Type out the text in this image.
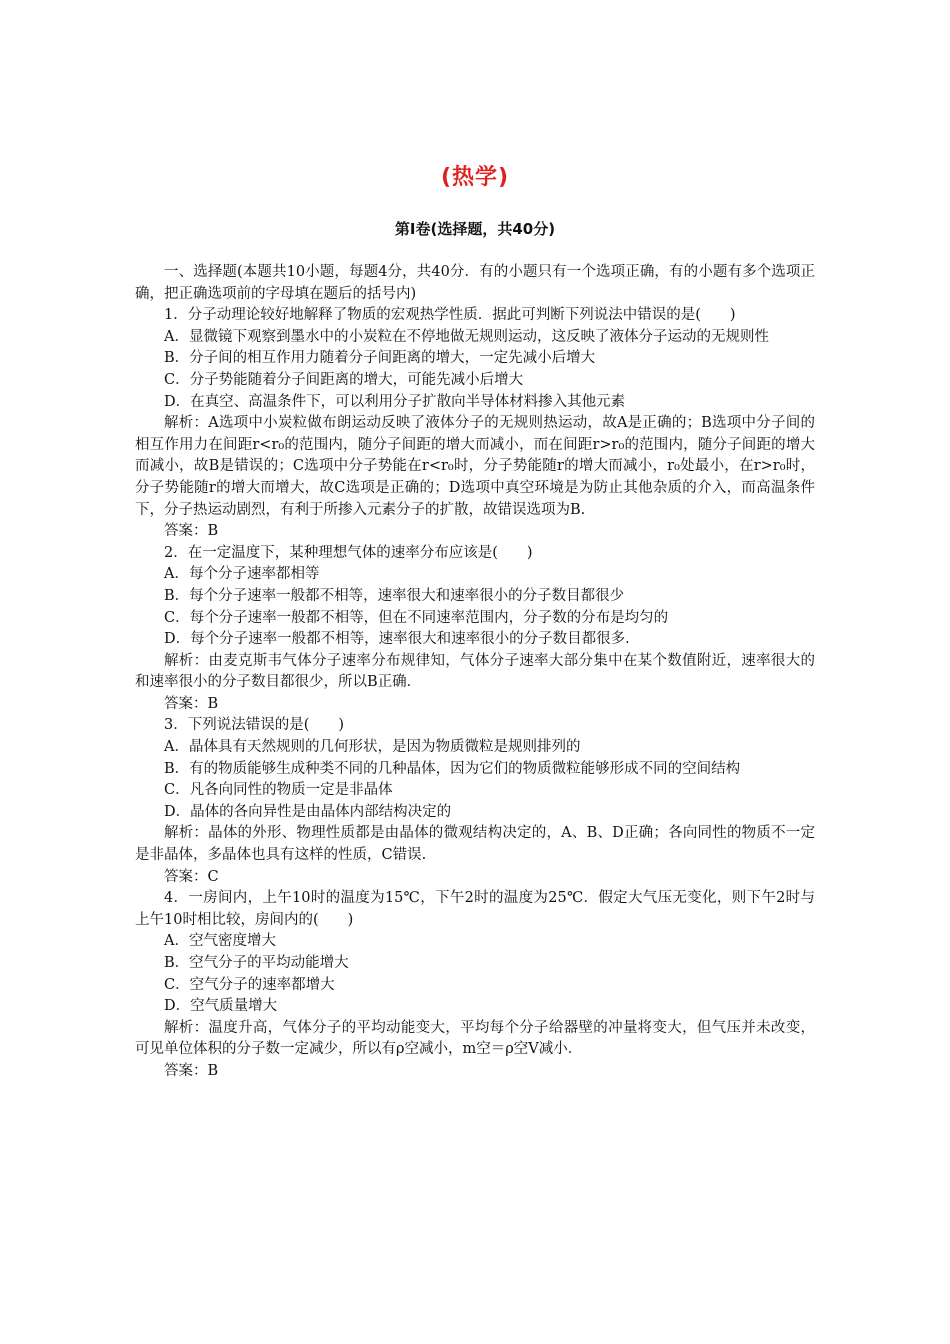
(热学)
第Ⅰ卷(选择题，共40分)

一、选择题(本题共10小题，每题4分，共40分．有的小题只有一个选项正确，有的小题有多个选项正确，把正确选项前的字母填在题后的括号内)

1．分子动理论较好地解释了物质的宏观热学性质．据此可判断下列说法中错误的是(　　)

A．显微镜下观察到墨水中的小炭粒在不停地做无规则运动，这反映了液体分子运动的无规则性

B．分子间的相互作用力随着分子间距离的增大，一定先减小后增大

C．分子势能随着分子间距离的增大，可能先减小后增大

D．在真空、高温条件下，可以利用分子扩散向半导体材料掺入其他元素

解析：A选项中小炭粒做布朗运动反映了液体分子的无规则热运动，故A是正确的；B选项中分子间的相互作用力在间距r<r₀的范围内，随分子间距的增大而减小，而在间距r>r₀的范围内，随分子间距的增大而减小，故B是错误的；C选项中分子势能在r<r₀时，分子势能随r的增大而减小，r₀处最小，在r>r₀时，分子势能随r的增大而增大，故C选项是正确的；D选项中真空环境是为防止其他杂质的介入，而高温条件下，分子热运动剧烈，有利于所掺入元素分子的扩散，故错误选项为B.

答案：B

2．在一定温度下，某种理想气体的速率分布应该是(　　)

A．每个分子速率都相等

B．每个分子速率一般都不相等，速率很大和速率很小的分子数目都很少

C．每个分子速率一般都不相等，但在不同速率范围内，分子数的分布是均匀的

D．每个分子速率一般都不相等，速率很大和速率很小的分子数目都很多．

解析：由麦克斯韦气体分子速率分布规律知，气体分子速率大部分集中在某个数值附近，速率很大的和速率很小的分子数目都很少，所以B正确．

答案：B

3．下列说法错误的是(　　)

A．晶体具有天然规则的几何形状，是因为物质微粒是规则排列的

B．有的物质能够生成种类不同的几种晶体，因为它们的物质微粒能够形成不同的空间结构

C．凡各向同性的物质一定是非晶体

D．晶体的各向异性是由晶体内部结构决定的

解析：晶体的外形、物理性质都是由晶体的微观结构决定的，A、B、D正确；各向同性的物质不一定是非晶体，多晶体也具有这样的性质，C错误.

答案：C

4．一房间内，上午10时的温度为15℃，下午2时的温度为25℃．假定大气压无变化，则下午2时与上午10时相比较，房间内的(　　)

A．空气密度增大

B．空气分子的平均动能增大

C．空气分子的速率都增大

D．空气质量增大

解析：温度升高，气体分子的平均动能变大，平均每个分子给器壁的冲量将变大，但气压并未改变，可见单位体积的分子数一定减少，所以有ρ空减小，m空＝ρ空V减小．

答案：B
